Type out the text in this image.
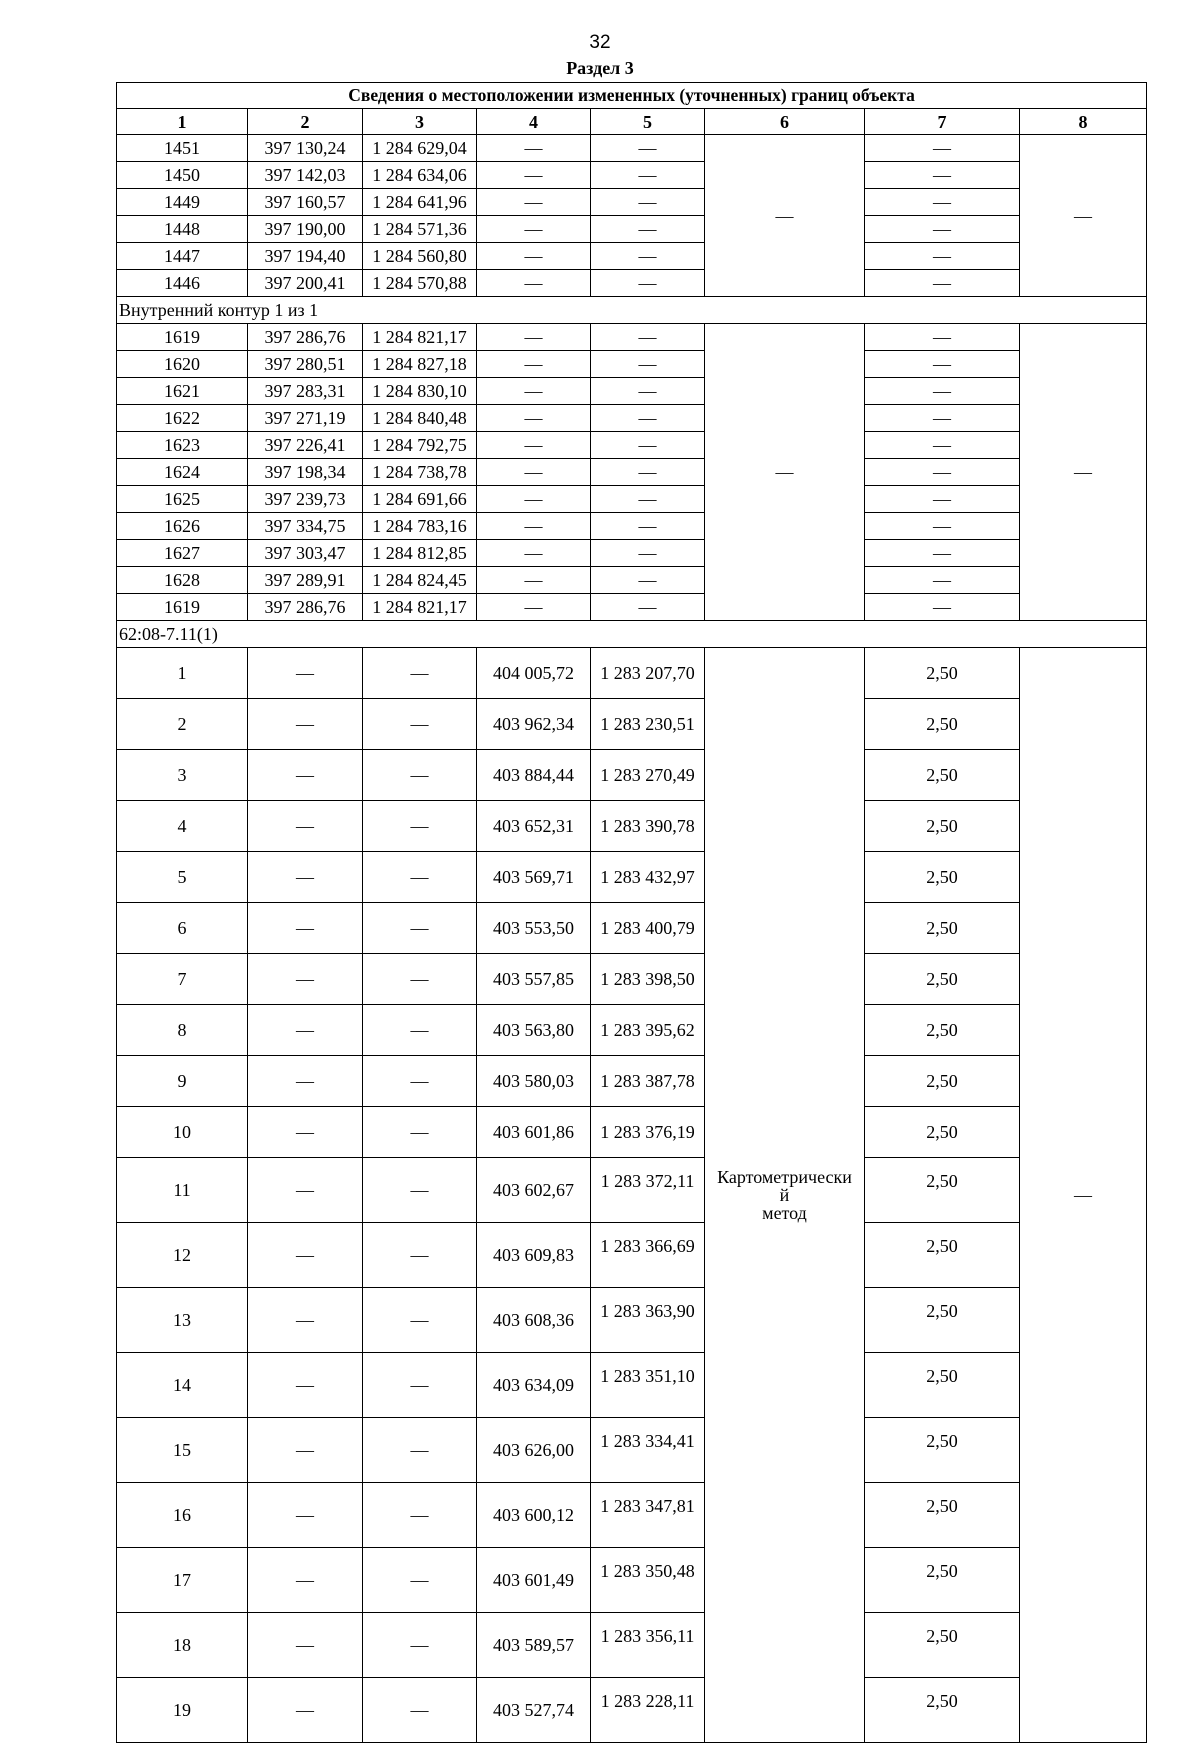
32
Раздел 3
Сведения о местоположении измененных (уточненных) границ объекта							
1	2	3	4	5	6	7	8
1451	397 130,24	1 284 629,04	—	—	—	—	—
1450	397 142,03	1 284 634,06	—	—		—	
1449	397 160,57	1 284 641,96	—	—		—	
1448	397 190,00	1 284 571,36	—	—		—	
1447	397 194,40	1 284 560,80	—	—		—	
1446	397 200,41	1 284 570,88	—	—		—	
Внутренний контур 1 из 1							
1619	397 286,76	1 284 821,17	—	—	—	—	—
1620	397 280,51	1 284 827,18	—	—		—	
1621	397 283,31	1 284 830,10	—	—		—	
1622	397 271,19	1 284 840,48	—	—		—	
1623	397 226,41	1 284 792,75	—	—		—	
1624	397 198,34	1 284 738,78	—	—		—	
1625	397 239,73	1 284 691,66	—	—		—	
1626	397 334,75	1 284 783,16	—	—		—	
1627	397 303,47	1 284 812,85	—	—		—	
1628	397 289,91	1 284 824,45	—	—		—	
1619	397 286,76	1 284 821,17	—	—		—	
62:08-7.11(1)							
1	—	—	404 005,72	1 283 207,70	Картометрически
й
метод	2,50	—
2	—	—	403 962,34	1 283 230,51		2,50	
3	—	—	403 884,44	1 283 270,49		2,50	
4	—	—	403 652,31	1 283 390,78		2,50	
5	—	—	403 569,71	1 283 432,97		2,50	
6	—	—	403 553,50	1 283 400,79		2,50	
7	—	—	403 557,85	1 283 398,50		2,50	
8	—	—	403 563,80	1 283 395,62		2,50	
9	—	—	403 580,03	1 283 387,78		2,50	
10	—	—	403 601,86	1 283 376,19		2,50	
11	—	—	403 602,67	1 283 372,11		2,50	
12	—	—	403 609,83	1 283 366,69		2,50	
13	—	—	403 608,36	1 283 363,90		2,50	
14	—	—	403 634,09	1 283 351,10		2,50	
15	—	—	403 626,00	1 283 334,41		2,50	
16	—	—	403 600,12	1 283 347,81		2,50	
17	—	—	403 601,49	1 283 350,48		2,50	
18	—	—	403 589,57	1 283 356,11		2,50	
19	—	—	403 527,74	1 283 228,11		2,50	
